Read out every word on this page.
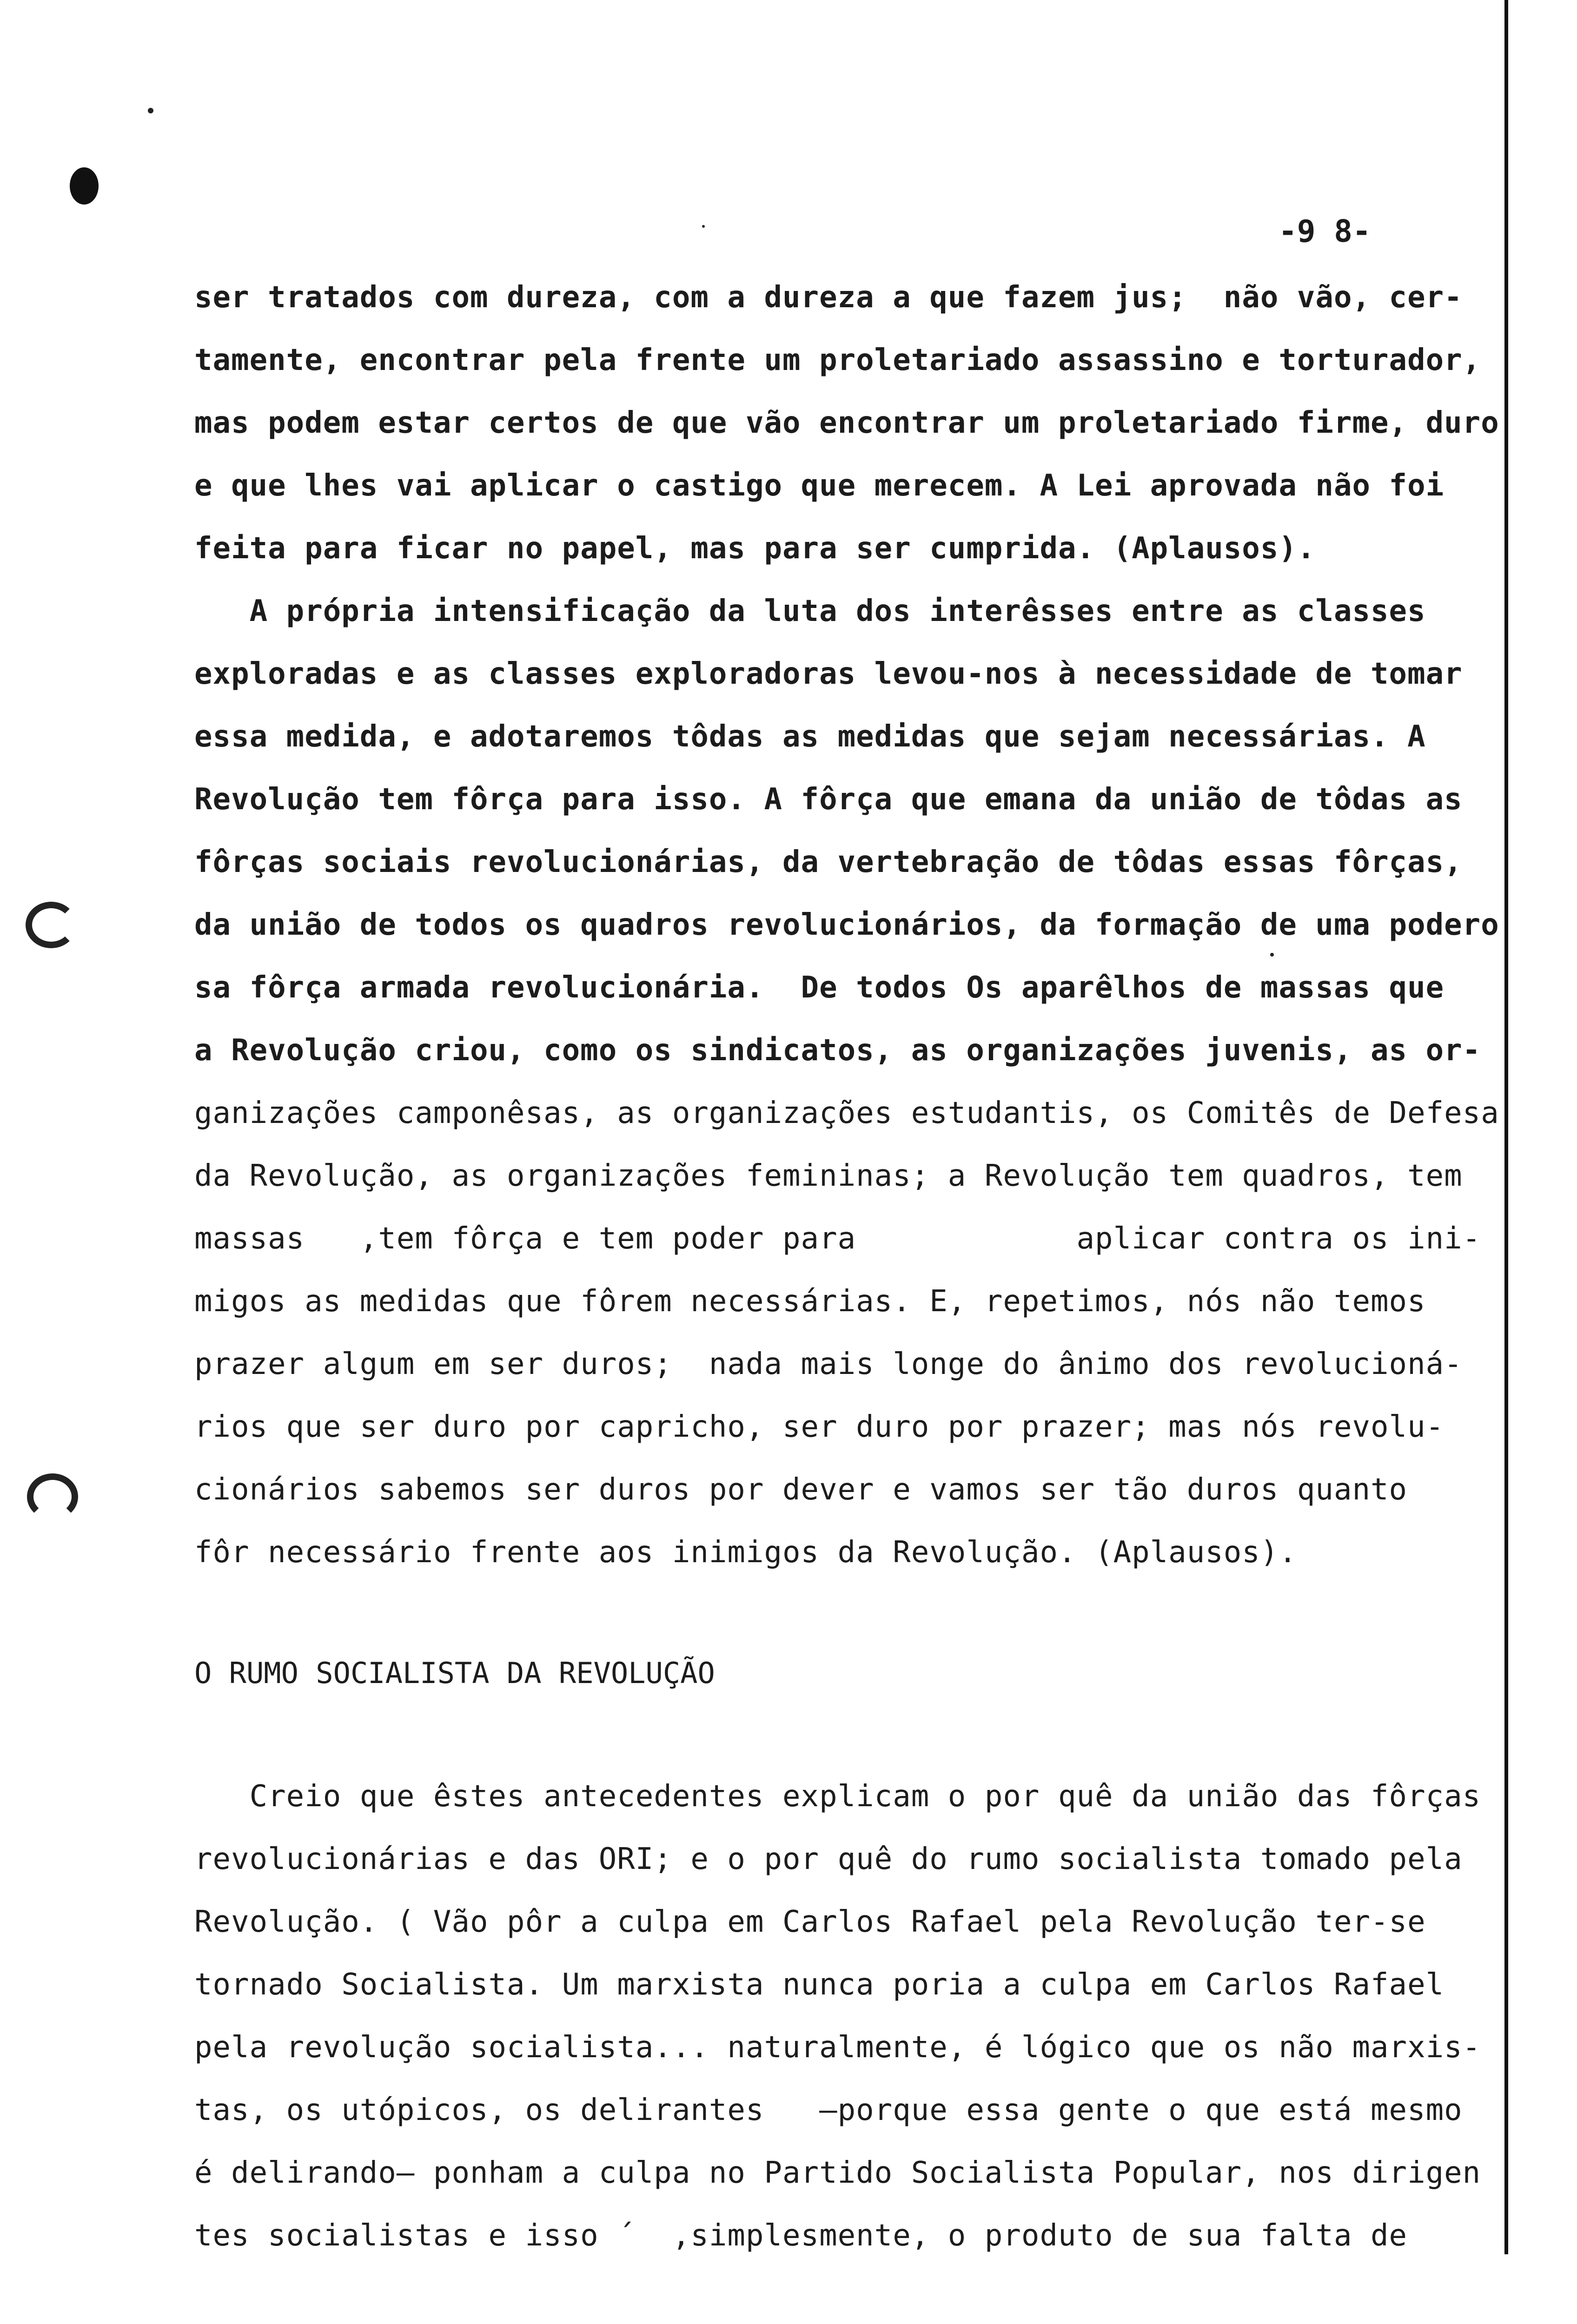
-9 8-
ser tratados com dureza, com a dureza a que fazem jus;  não vão, cer-
tamente, encontrar pela frente um proletariado assassino e torturador,
mas podem estar certos de que vão encontrar um proletariado firme, duro
e que lhes vai aplicar o castigo que merecem. A Lei aprovada não foi
feita para ficar no papel, mas para ser cumprida. (Aplausos).
A própria intensificação da luta dos interêsses entre as classes
exploradas e as classes exploradoras levou-nos à necessidade de tomar
essa medida, e adotaremos tôdas as medidas que sejam necessárias. A
Revolução tem fôrça para isso. A fôrça que emana da união de tôdas as
fôrças sociais revolucionárias, da vertebração de tôdas essas fôrças,
da união de todos os quadros revolucionários, da formação de uma podero
sa fôrça armada revolucionária.  De todos Os aparêlhos de massas que
a Revolução criou, como os sindicatos, as organizações juvenis, as or-
ganizações camponêsas, as organizações estudantis, os Comitês de Defesa
da Revolução, as organizações femininas; a Revolução tem quadros, tem
massas   ,tem fôrça e tem poder para            aplicar contra os ini-
migos as medidas que fôrem necessárias. E, repetimos, nós não temos
prazer algum em ser duros;  nada mais longe do ânimo dos revolucioná-
rios que ser duro por capricho, ser duro por prazer; mas nós revolu-
cionários sabemos ser duros por dever e vamos ser tão duros quanto
fôr necessário frente aos inimigos da Revolução. (Aplausos).
O RUMO SOCIALISTA DA REVOLUÇÃO
Creio que êstes antecedentes explicam o por quê da união das fôrças
revolucionárias e das ORI; e o por quê do rumo socialista tomado pela
Revolução. ( Vão pôr a culpa em Carlos Rafael pela Revolução ter-se
tornado Socialista. Um marxista nunca poria a culpa em Carlos Rafael
pela revolução socialista... naturalmente, é lógico que os não marxis-
tas, os utópicos, os delirantes   —porque essa gente o que está mesmo
é delirando— ponham a culpa no Partido Socialista Popular, nos dirigen
tes socialistas e isso ´  ,simplesmente, o produto de sua falta de
